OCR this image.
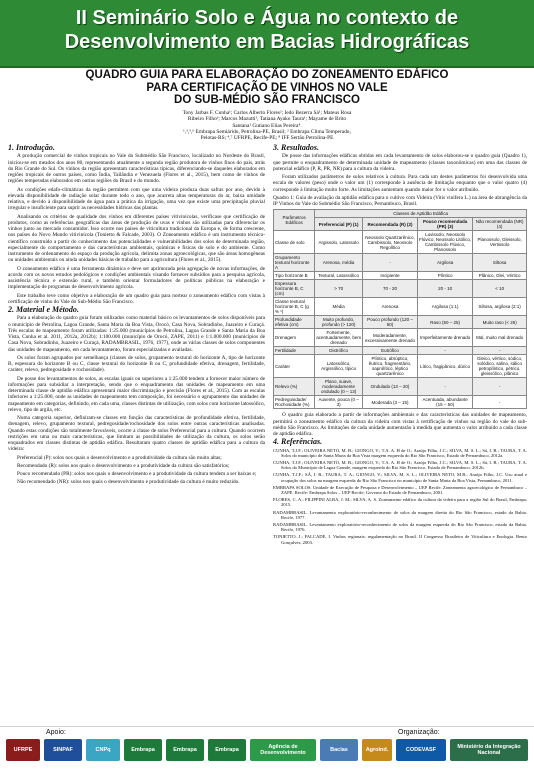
II Seminário Solo e Água no contexto de
Desenvolvimento em Bacias Hidrográficas
QUADRO GUIA PARA ELABORAÇÃO DO ZONEAMENTO EDÁFICO
PARA CERTIFICAÇÃO DE VINHOS NO VALE
DO SUB-MÉDIO SÃO FRANCISCO
Tony Jarbas F. Cunha¹; Carlos Alberto Flores²; Iedo Bezerra Sá¹; Mateus Rosa
Ribeiro Filho³; Marcos Mazutti¹, Tatiana Ayako Taura¹; Mayame de Brito
Santana¹ Gutiano Elias Pereira⁴.
¹,³,⁵,⁶ Embrapa Semiárido, Petrolina-PE, Brasil; ² Embrapa Clima Temperado,
Pelotas-RS; ⁴,⁷ UFRPE, Recife-PE; ⁸ IFF Sertão Petrolina-PE
1. Introdução.

A produção comercial de vinhos tropicais no Vale do Submédio São Francisco, localizado no Nordeste do Brasil, iniciou-se em meados dos anos 80, representando atualmente a segunda região produtora de vinhos finos do país, atrás do Rio Grande do Sul. Os vinhos da região apresentam características típicas, diferenciando-se daqueles elaborados em regiões tropicais de outros países, como Índia, Tailândia e Venezuela (Flores et al., 2015), bem como de vinhos de regiões temperadas elaborados em outras regiões do Brasil e do mundo.

As condições edafo-climáticas da região permitem com que uma videira produza duas safras por ano, devido à elevada disponibilidade de radiação solar durante todo o ano, que acarreta altas temperaturas do ar, baixa umidade relativa, e devido à disponibilidade de água para a prática da irrigação, uma vez que existe uma precipitação pluvial irregular e insuficiente para suprir as necessidades hídricas das plantas.

Analisando os critérios de qualidade dos vinhos em diferentes países vitivinícolas, verificase que certificação de produtos, como as referências geográficas das áreas de produção de uvas e vinhos são utilizadas para diferenciar os vinhos junto ao mercado consumidor. Isso ocorre nos países de viticultura tradicional da Europa e, de forma crescente, nos países do Novo Mundo vitivinícola (Tonietto & Falcade, 2003). O Zoneamento edáfico é um instrumento técnico-científico construído a partir do conhecimento das potencialidades e vulnerabilidades dos solos de determinada região, especialmente do comportamento e das características ambientais, químicas e físicas do solo e do ambiente. Como instrumento de ordenamento do espaço da produção agrícola, delimita zonas agroecológicas, que são áreas homogêneas ou unidades ambientais ou ainda unidades básicas de trabalho para a agricultura (Flores et al., 2015).

O zoneamento edáfico é uma ferramenta dinâmica e deve ser aprimorada pela agregação de novas informações, de acordo com os novos estudos pedológicos e condições ambientais visando fornecer subsídios para a pesquisa agrícola, assistência técnica e extensão rural, e também orientar formuladores de políticas públicas na elaboração e implementação de programas de desenvolvimento agrícola.

Este trabalho teve como objetivo a elaboração de um quadro guia para nortear o zoneamento edáfico com vistas à certificação de vinho do Vale do Sub-Médio São Francisco.

2. Material e Método.

Para a elaboração do quadro guia foram utilizados como material básico os levantamentos de solos disponíveis para o município de Petrolina, Lagoa Grande, Santa Maria da Boa Vista, Orocó, Casa Nova, Sobradinho, Juazeiro e Curaçá. Três escalas de mapeamento foram utilizadas: 1:25.000 (municípios de Petrolina, Lagoa Grande e Santa Maria da Boa Vista, Cunha et al. 2011, 2012a, 2012b); 1:100.000 (município de Orocó, ZAPE, 2011) e 1:1.000.000 (municípios de Casa Nova, Sobradinho, Juazeiro e Curaçá, RADAMBRASIL, 1976, 1977), onde as várias classes de solos componentes das unidades de mapeamento, em cada levantamento, foram especializadas e avaliadas.

Os solos foram agrupados por semelhança (classes de solos, grupamento textural do horizonte A, tipo de horizonte B, espessura do horizonte B ou C, classe textural do horizonte B ou C, profundidade efetiva, drenagem, fertilidade, caráter, relevo, pedregosidade e rochosidade).

De posse dos levantamentos de solos, as escalas iguais ou superiores a 1:25.000 tendem a fornecer maior número de informações para subsidiar a interpretação, sendo que o enquadramento das unidades de mapeamento em uma determinada classe de aptidão edáfica apresentará maior discriminação e precisão (Flores et al., 2015). Com as escalas inferiores a 1:25.000, onde as unidades de mapeamento tem composição, foi necessário o agrupamento das unidades de mapeamento em categorias, definindo, em cada uma, classes distintas de utilização, com solos com horizonte latossólico, relevo, tipo de argila, etc.

Numa categoria superior, definiram-se classes em função das características de profundidade efetiva, fertilidade, drenagem, relevo, grupamento textural, pedregosidade/rochosidade dos solos entre outras características analisadas. Quando estas condições são totalmente favoráveis, ocorre a classe de solos Preferencial para a cultura. Quando ocorrem restrições em uma ou mais características, que limitam as possibilidades de utilização da cultura, os solos serão enquadrados em classes distintas de aptidão edáfica. Resultaram quatro classes de aptidão edáfica para a cultura da videira:

Preferencial (P): solos nos quais o desenvolvimento e a produtividade da cultura são muito altas;

Recomendado (R): solos nos quais o desenvolvimento e a produtividade da cultura são satisfatórios;

Pouco recomendado (PR): solos nos quais o desenvolvimento e a produtividade da cultura tendem a ser baixas e;

Não recomendado (NR): solos nos quais o desenvolvimento e produtividade da cultura é muito reduzido.

3. Resultados.

De posse das informações edáficas obtidas em cada levantamento de solos elaborou-se o quadro guia (Quadro 1), que permite o enquadramento de determinada unidade de mapeamento (classes taxonômicas) em uma das classes de potencial edáfico (P, R, PR, NR) para a cultura da videira.

Foram utilizados parâmetros de solos relativos à cultura. Para cada um destes parâmetros foi desenvolvida uma escala de valores (peso) onde o valor um (1) corresponde à ausência de limitação enquanto que o valor quatro (4) corresponde à limitação muito forte. As limitações aumentam quando maior for o valor atribuído.

Quadro 1: Guia de avaliação da aptidão edáfica para o cultivo com Videira (Vitis vinifera L.) na área de abrangência da IP Vinhos do Vale do Submédio São Francisco, Pernambuco, Brasil.

Parâmetros Edáficos	Classes de Aptidão Edáfica			
	Preferencial (P) (1)	Recomendada (R) (2)	Pouco recomendada (PR) (3)	Não recomendada (NR) (4)
Classe de solo	Argissolo, Latossolo	Neossolo Quartzarênico, Cambissolo, Neossolo Regolítico	Luvissolo, Neossolo Flúvico, Neossolo Litólico, Cambissolo Flúvico, Planossolo	Planossolo, Gleissolo, Vertissolo
Grupamento textural horizonte A	Arenosa, média	-	Argilosa	Siltosa
Tipo horizonte B	Textural, Latossólico	Incipiente	Plíntico	Plânico, Glei, Vértico
Espessura horizonte B, C (cm)	> 70	70 - 20	20 - 10	< 10
Classe textural horizonte B, C (g % ¹)	Média	Arenosa	Argilosa (1:1)	Siltosa, argilosa (2:1)
Profundidade efetiva (cm)	Muito profundo, profundo (> 120)	Pouco profundo (120 – 50)	Raso (50 – 25)	Muito raso (< 25)
Drenagem	Fortemente, acentuadamente, bem drenado	Moderadamente, excessivamente drenado	Imperfeitamente drenado	Mal, muito mal drenado
Fertilidade	Distrófico	Eutrófico	-	-
Caráter	Latossólico, Argissólico, típico	Plíntico, abrúptico, êutrico, fragmentário, saprolítico, léptico quartzarênico	Lítico, fragipânico, dúrico	Gleico, vértico, sódico, solódico, salino, sálico petroplíntico, pétrico, gleissólico, plânico
Relevo (%)	Plano, suave, moderadamente ondulado (0 – 13)	Ondulado (13 – 20)	-	-
Pedregosidade/ Rochosidade (%)	Ausente, pouca (0 – 3)	Moderada (3 – 15)	Acentuada, abundante (15 – 50)	-

O quadro guia elaborado a partir de informações ambientais e das características das unidades de mapeamento, permitirá o zoneamento edáfico da cultura da videira com vistas à certificação de vinhos na região do vale do sub-médio São Francisco. As limitações de cada unidade aumentarão à medida que aumenta o valor atribuído a cada classe de aptidão edáfica.

4. Referências.

CUNHA, T.J.F.; OLIVEIRA NETO, M. B.; GIONGO, V.; T.A. A. H de O.; Araújo Filho, J.C.; SILVA, M. S. L.; Sá, I. B.; TAURA, T. A. Solos do município de Santa Maria da Boa Vista margem esquerda do Rio São Francisco, Estado de Pernambuco, 2012a.

CUNHA, T.J.F.; OLIVEIRA NETO, M. B.; GIONGO, V.; T.A. A. H de O.; Araújo Filho, J.C.; SILVA, M. S. L.; Sá, I. B.; TAURA, T. A. Solos do Município de Lagoa Grande, margem esquerda do Rio São Francisco, Estado de Pernambuco, 2012b.

CUNHA, T.J.F.; SÁ, I. B.; TAURA, T. A.; GIONGO, V.; SILVA, M. S. L.; OLIVEIRA NETO, M.B.; Araújo Filho, J.C. Uso atual e ocupação dos solos na margem esquerda do Rio São Francisco no município de Santa Maria da Boa Vista, Pernambuco, 2011.

EMBRAPA SOLOS. Unidade de Execução de Pesquisa e Desenvolvimento – UEP Recife. Zoneamento agroecológico de Pernambuco – ZAPE. Recife: Embrapa Solos – UEP Recife; Governo do Estado de Pernambuco, 2001.

FLORES, C. A.; FILIPPINI ALBA, J. M.; SILVA, A. S. Zoneamento edáfico da cultura da videira para a região Sul do Brasil, Embrapa, 2015.

RADAMBRASIL. Levantamento exploratório-reconhecimento de solos da margem direita do Rio São Francisco, estado da Bahia. Recife, 1977.

RADAMBRASIL. Levantamento exploratório-reconhecimento de solos da margem esquerda do Rio São Francisco, estado da Bahia. Recife, 1976.

TONIETTO, J.; FALCADE, I. Vinhos regionais: regulamentação no Brasil. II Congresso Brasileiro de Viticultura e Enologia. Bento Gonçalves, 2003.

Apoio:	Organização:
UFRPE	SINPAF	CNPq	Embrapa	Embrapa	Embrapa	Agência de Desenvolvimento	Bacias	Agroind.	CODEVASF	Ministério da Integração Nacional
